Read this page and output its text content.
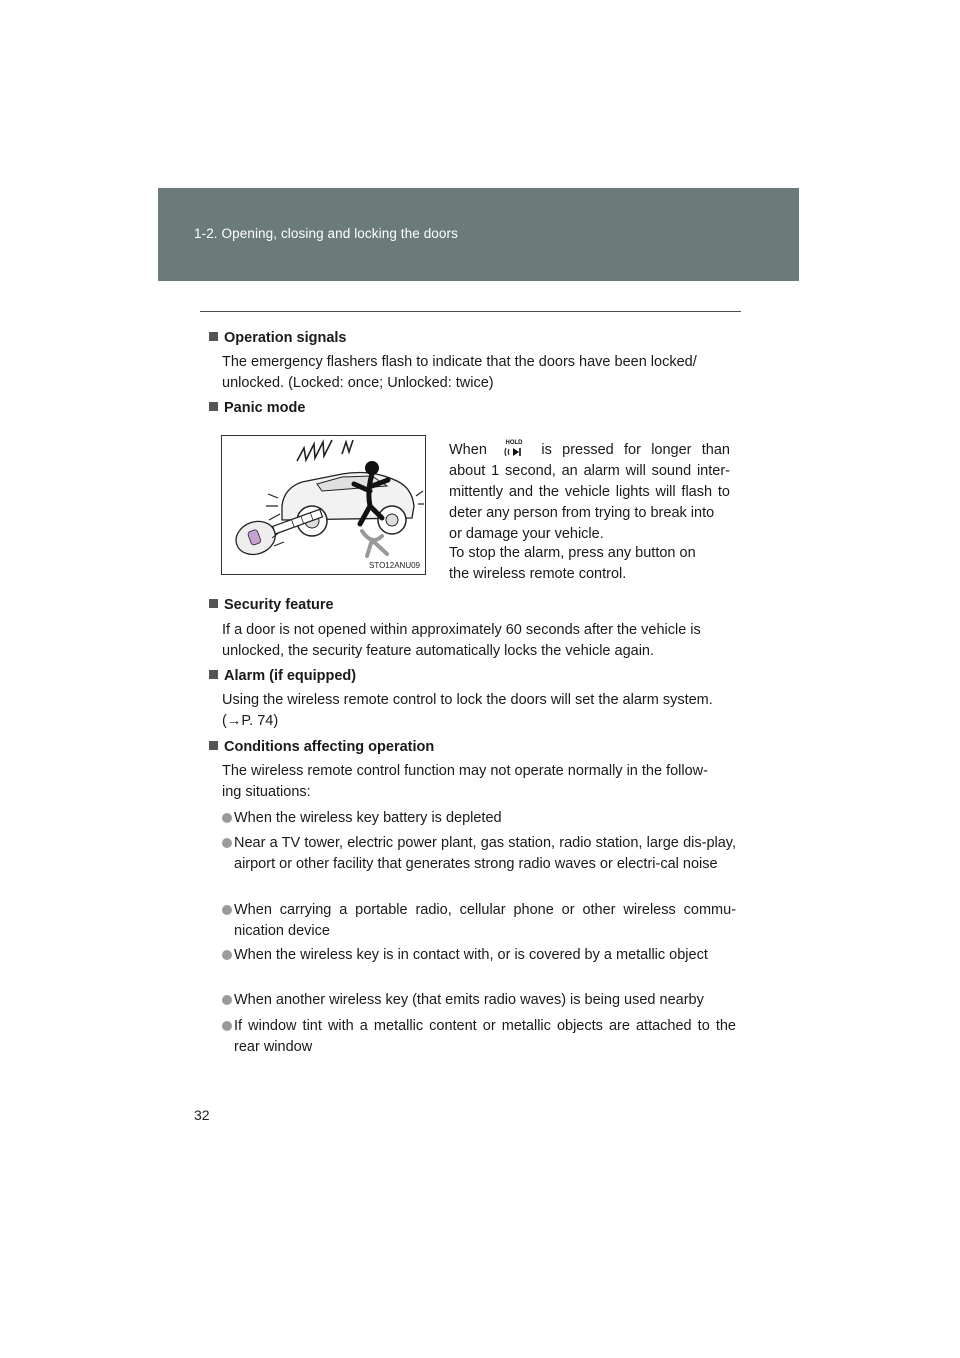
1-2. Opening, closing and locking the doors
Operation signals
The emergency flashers flash to indicate that the doors have been locked/
unlocked. (Locked: once; Unlocked: twice)
Panic mode
STO12ANU09
When	HOLD is pressed for longer than about 1 second, an alarm will sound inter-mittently and the vehicle lights will flash to deter any person from trying to break into
or damage your vehicle.
To stop the alarm, press any button on
the wireless remote control.
Security feature
If a door is not opened within approximately 60 seconds after the vehicle is
unlocked, the security feature automatically locks the vehicle again.
Alarm (if equipped)
Using the wireless remote control to lock the doors will set the alarm system.
(→P. 74)
Conditions affecting operation
The wireless remote control function may not operate normally in the follow-
ing situations:
When the wireless key battery is depleted
Near a TV tower, electric power plant, gas station, radio station, large dis-play, airport or other facility that generates strong radio waves or electri-cal noise
When carrying a portable radio, cellular phone or other wireless commu-nication device
When the wireless key is in contact with, or is covered by a metallic object
When another wireless key (that emits radio waves) is being used nearby
If window tint with a metallic content or metallic objects are attached to the rear window
32
